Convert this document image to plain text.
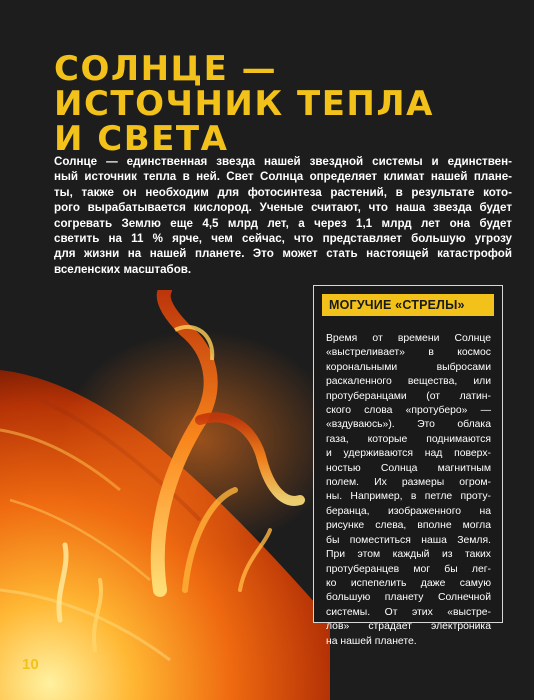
СОЛНЦЕ —
ИСТОЧНИК ТЕПЛА
И СВЕТА

Солнце — единственная звезда нашей звездной системы и единствен-
ный источник тепла в ней. Свет Солнца определяет климат нашей плане-
ты, также он необходим для фотосинтеза растений, в результате кото-
рого вырабатывается кислород. Ученые считают, что наша звезда будет
согревать Землю еще 4,5 млрд лет, а через 1,1 млрд лет она будет
светить на 11 % ярче, чем сейчас, что представляет большую угрозу
для жизни на нашей планете. Это может стать настоящей катастрофой
вселенских масштабов.

МОГУЧИЕ «СТРЕЛЫ»
Время от времени Солнце
«выстреливает» в космос
корональными выбросами
раскаленного вещества, или
протуберанцами (от латин-
ского слова «протуберо» —
«вздуваюсь»). Это облака
газа, которые поднимаются
и удерживаются над поверх-
ностью Солнца магнитным
полем. Их размеры огром-
ны. Например, в петле проту-
беранца, изображенного на
рисунке слева, вполне могла
бы поместиться наша Земля.
При этом каждый из таких
протуберанцев мог бы лег-
ко испепелить даже самую
большую планету Солнечной
системы. От этих «выстре-
лов» страдает электроника
на нашей планете.
10
